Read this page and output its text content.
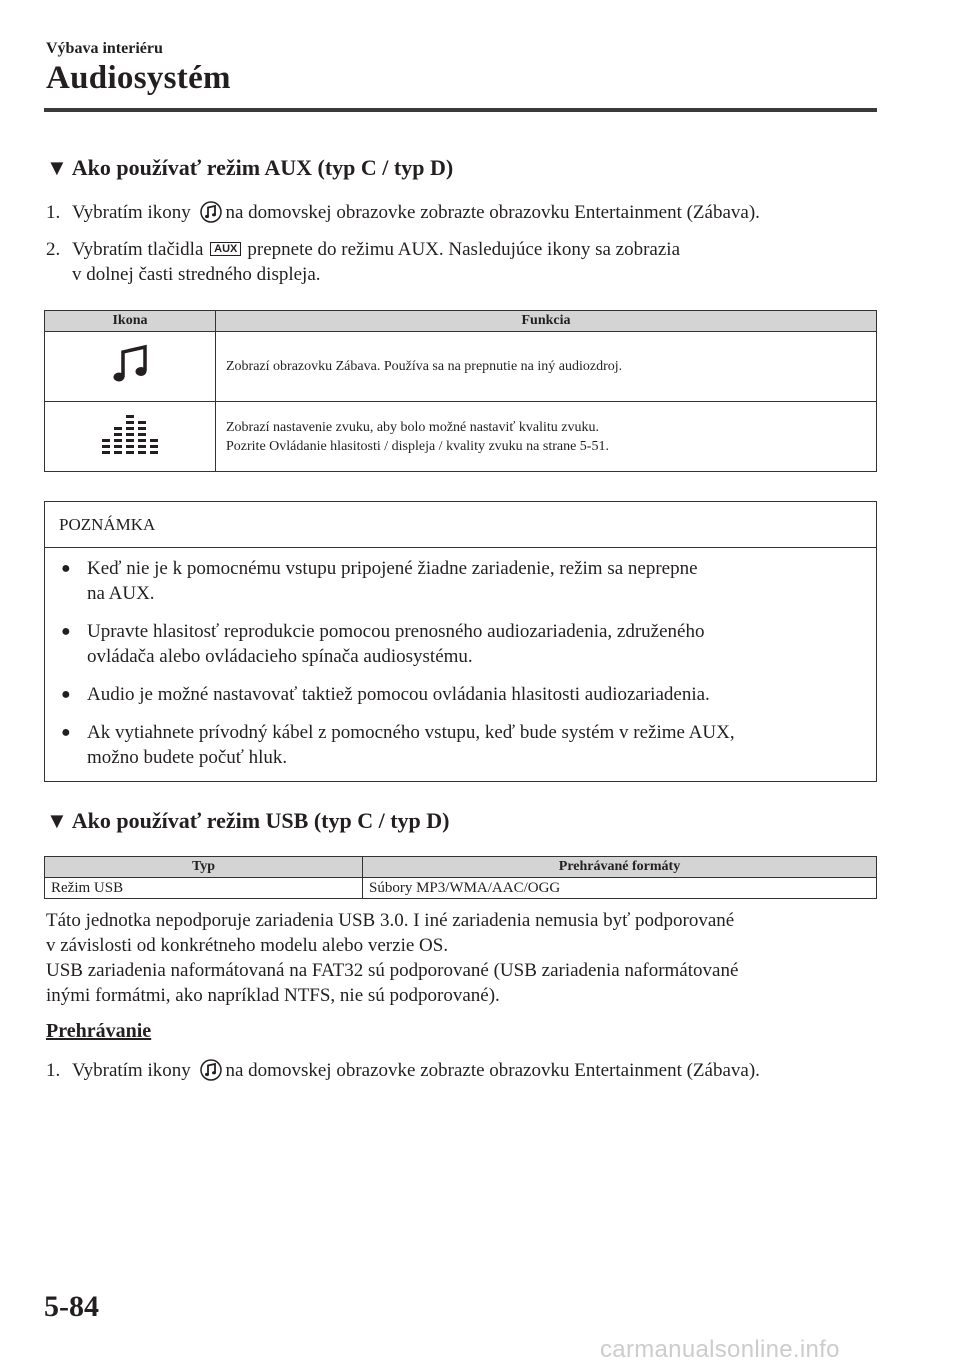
Výbava interiéru
Audiosystém
▼ Ako používať režim AUX (typ C / typ D)
1. Vybratím ikony na domovskej obrazovke zobrazte obrazovku Entertainment (Zábava).
2. Vybratím tlačidla AUX prepnete do režimu AUX. Nasledujúce ikony sa zobrazia
v dolnej časti stredného displeja.
Ikona	Funkcia
	Zobrazí obrazovku Zábava. Používa sa na prepnutie na iný audiozdroj.
	Zobrazí nastavenie zvuku, aby bolo možné nastaviť kvalitu zvuku.
Pozrite Ovládanie hlasitosti / displeja / kvality zvuku na strane 5-51.
POZNÁMKA
● Keď nie je k pomocnému vstupu pripojené žiadne zariadenie, režim sa neprepne
na AUX.
● Upravte hlasitosť reprodukcie pomocou prenosného audiozariadenia, združeného
ovládača alebo ovládacieho spínača audiosystému.
● Audio je možné nastavovať taktiež pomocou ovládania hlasitosti audiozariadenia.
● Ak vytiahnete prívodný kábel z pomocného vstupu, keď bude systém v režime AUX,
možno budete počuť hluk.
▼ Ako používať režim USB (typ C / typ D)
Typ	Prehrávané formáty
Režim USB	Súbory MP3/WMA/AAC/OGG
Táto jednotka nepodporuje zariadenia USB 3.0. I iné zariadenia nemusia byť podporované
v závislosti od konkrétneho modelu alebo verzie OS.
USB zariadenia naformátovaná na FAT32 sú podporované (USB zariadenia naformátované
inými formátmi, ako napríklad NTFS, nie sú podporované).
Prehrávanie
1. Vybratím ikony na domovskej obrazovke zobrazte obrazovku Entertainment (Zábava).
5-84
carmanualsonline.info
